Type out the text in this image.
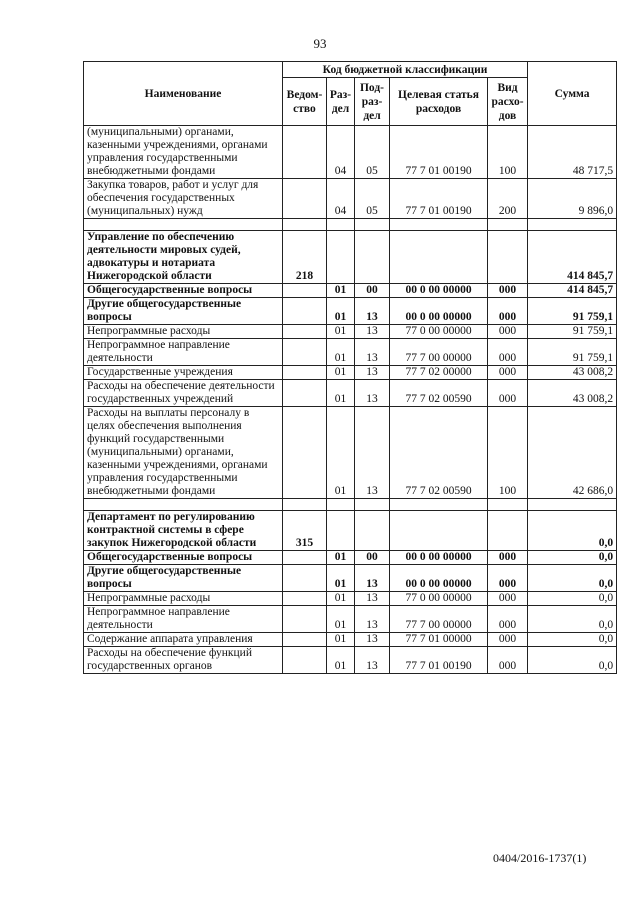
93
Наименование	Код бюджетной классификации					Сумма
	Ведом-ство	Раз-дел	Под-раз-дел	Целевая статья расходов	Вид расхо-дов	
(муниципальными) органами, казенными учреждениями, органами управления государственными внебюджетными фондами		04	05	77 7 01 00190	100	48 717,5
Закупка товаров, работ и услуг для обеспечения государственных (муниципальных) нужд		04	05	77 7 01 00190	200	9 896,0

Управление по обеспечению деятельности мировых судей, адвокатуры и нотариата Нижегородской области	218					414 845,7
Общегосударственные вопросы		01	00	00 0 00 00000	000	414 845,7
Другие общегосударственные вопросы		01	13	00 0 00 00000	000	91 759,1
Непрограммные расходы		01	13	77 0 00 00000	000	91 759,1
Непрограммное направление деятельности		01	13	77 7 00 00000	000	91 759,1
Государственные учреждения		01	13	77 7 02 00000	000	43 008,2
Расходы на обеспечение деятельности государственных учреждений		01	13	77 7 02 00590	000	43 008,2
Расходы на выплаты персоналу в целях обеспечения выполнения функций государственными (муниципальными) органами, казенными учреждениями, органами управления государственными внебюджетными фондами		01	13	77 7 02 00590	100	42 686,0

Департамент по регулированию контрактной системы в сфере закупок Нижегородской области	315					0,0
Общегосударственные вопросы		01	00	00 0 00 00000	000	0,0
Другие общегосударственные вопросы		01	13	00 0 00 00000	000	0,0
Непрограммные расходы		01	13	77 0 00 00000	000	0,0
Непрограммное направление деятельности		01	13	77 7 00 00000	000	0,0
Содержание аппарата управления		01	13	77 7 01 00000	000	0,0
Расходы на обеспечение функций государственных органов		01	13	77 7 01 00190	000	0,0
0404/2016-1737(1)
